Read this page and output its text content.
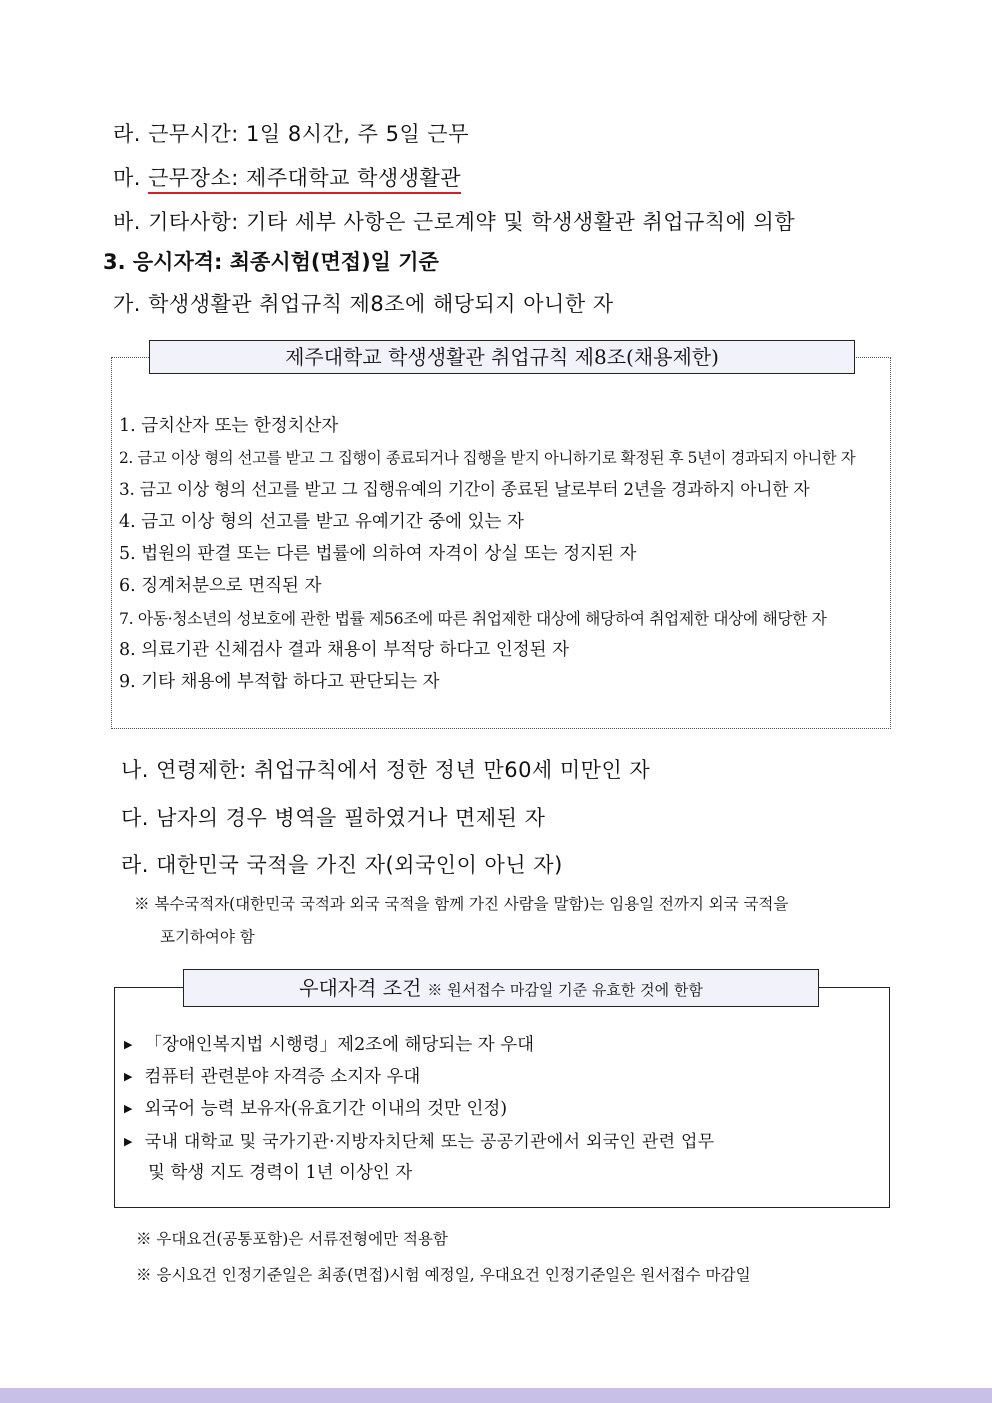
라. 근무시간: 1일 8시간, 주 5일 근무
마. 근무장소: 제주대학교 학생생활관
바. 기타사항: 기타 세부 사항은 근로계약 및 학생생활관 취업규칙에 의함
3. 응시자격: 최종시험(면접)일 기준
가. 학생생활관 취업규칙 제8조에 해당되지 아니한 자
제주대학교 학생생활관 취업규칙 제8조(채용제한)
1. 금치산자 또는 한정치산자
2. 금고 이상 형의 선고를 받고 그 집행이 종료되거나 집행을 받지 아니하기로 확정된 후 5년이 경과되지 아니한 자
3. 금고 이상 형의 선고를 받고 그 집행유예의 기간이 종료된 날로부터 2년을 경과하지 아니한 자
4. 금고 이상 형의 선고를 받고 유예기간 중에 있는 자
5. 법원의 판결 또는 다른 법률에 의하여 자격이 상실 또는 정지된 자
6. 징계처분으로 면직된 자
7. 아동·청소년의 성보호에 관한 법률 제56조에 따른 취업제한 대상에 해당하여 취업제한 대상에 해당한 자
8. 의료기관 신체검사 결과 채용이 부적당 하다고 인정된 자
9. 기타 채용에 부적합 하다고 판단되는 자
나. 연령제한: 취업규칙에서 정한 정년 만60세 미만인 자
다. 남자의 경우 병역을 필하였거나 면제된 자
라. 대한민국 국적을 가진 자(외국인이 아닌 자)
※ 복수국적자(대한민국 국적과 외국 국적을 함께 가진 사람을 말함)는 임용일 전까지 외국 국적을
포기하여야 함
우대자격 조건 ※ 원서접수 마감일 기준 유효한 것에 한함
▶ 「장애인복지법 시행령」제2조에 해당되는 자 우대
▶ 컴퓨터 관련분야 자격증 소지자 우대
▶ 외국어 능력 보유자(유효기간 이내의 것만 인정)
▶ 국내 대학교 및 국가기관·지방자치단체 또는 공공기관에서 외국인 관련 업무
및 학생 지도 경력이 1년 이상인 자
※ 우대요건(공통포함)은 서류전형에만 적용함
※ 응시요건 인정기준일은 최종(면접)시험 예정일, 우대요건 인정기준일은 원서접수 마감일
